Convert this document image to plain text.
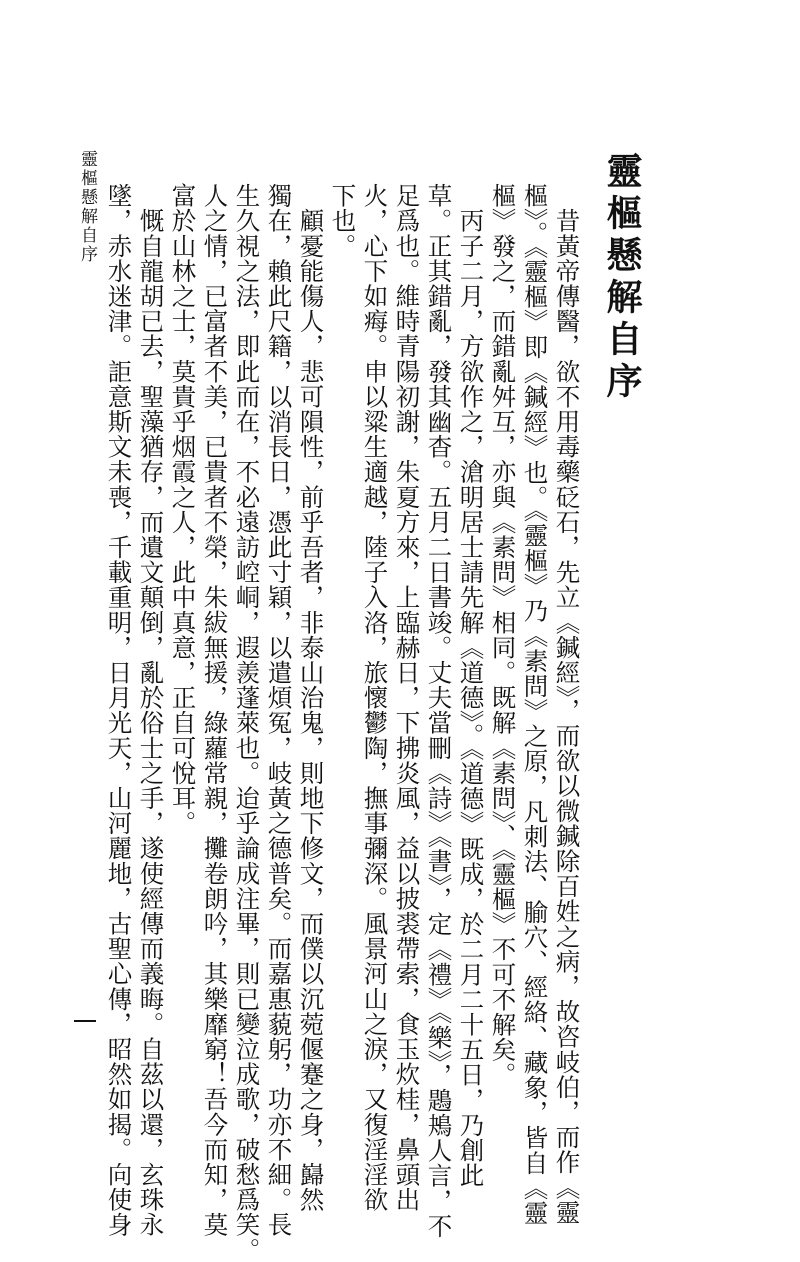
靈樞懸解自序	靈樞懸解自序
　昔黃帝傳醫，欲不用毒藥砭石，先立《鍼經》，而欲以微鍼除百姓之病，故咨岐伯，而作《靈
樞》。《靈樞》即《鍼經》也。《靈樞》乃《素問》之原，凡刺法、腧穴、經絡、藏象，皆自《靈
樞》發之，而錯亂舛互，亦與《素問》相同。既解《素問》、《靈樞》不可不解矣。
　丙子二月，方欲作之，滄明居士請先解《道德》。《道德》既成，於二月二十五日，乃創此
草。正其錯亂，發其幽杳。五月二日書竣。丈夫當刪《詩》《書》，定《禮》《樂》，鶗鴂人言，不
足爲也。維時青陽初謝，朱夏方來，上臨赫日，下拂炎風，益以披裘帶索，食玉炊桂，鼻頭出
火，心下如痗。申以粱生適越，陸子入洛，旅懷鬱陶，撫事彌深。風景河山之淚，又復淫淫欲
下也。
　顧憂能傷人，悲可隕性，前乎吾者，非泰山治鬼，則地下修文，而僕以沉菀偃蹇之身，巋然
獨在，賴此尺籍，以消長日，憑此寸穎，以遣煩冤，岐黃之德普矣。而嘉惠藐躬，功亦不細。長
生久視之法，即此而在，不必遠訪崆峒，遐羨蓬萊也。迨乎論成注畢，則已變泣成歌，破愁爲笑。
人之情，已富者不美，已貴者不榮，朱紱無援，綠蘿常親，攤卷朗吟，其樂靡窮！吾今而知，莫
富於山林之士，莫貴乎烟霞之人，此中真意，正自可悅耳。
　慨自龍胡已去，聖藻猶存，而遺文顛倒，亂於俗士之手，遂使經傳而義晦。自茲以還，玄珠永
墜，赤水迷津。詎意斯文未喪，千載重明，日月光天，山河麗地，古聖心傳，昭然如揭。向使身
